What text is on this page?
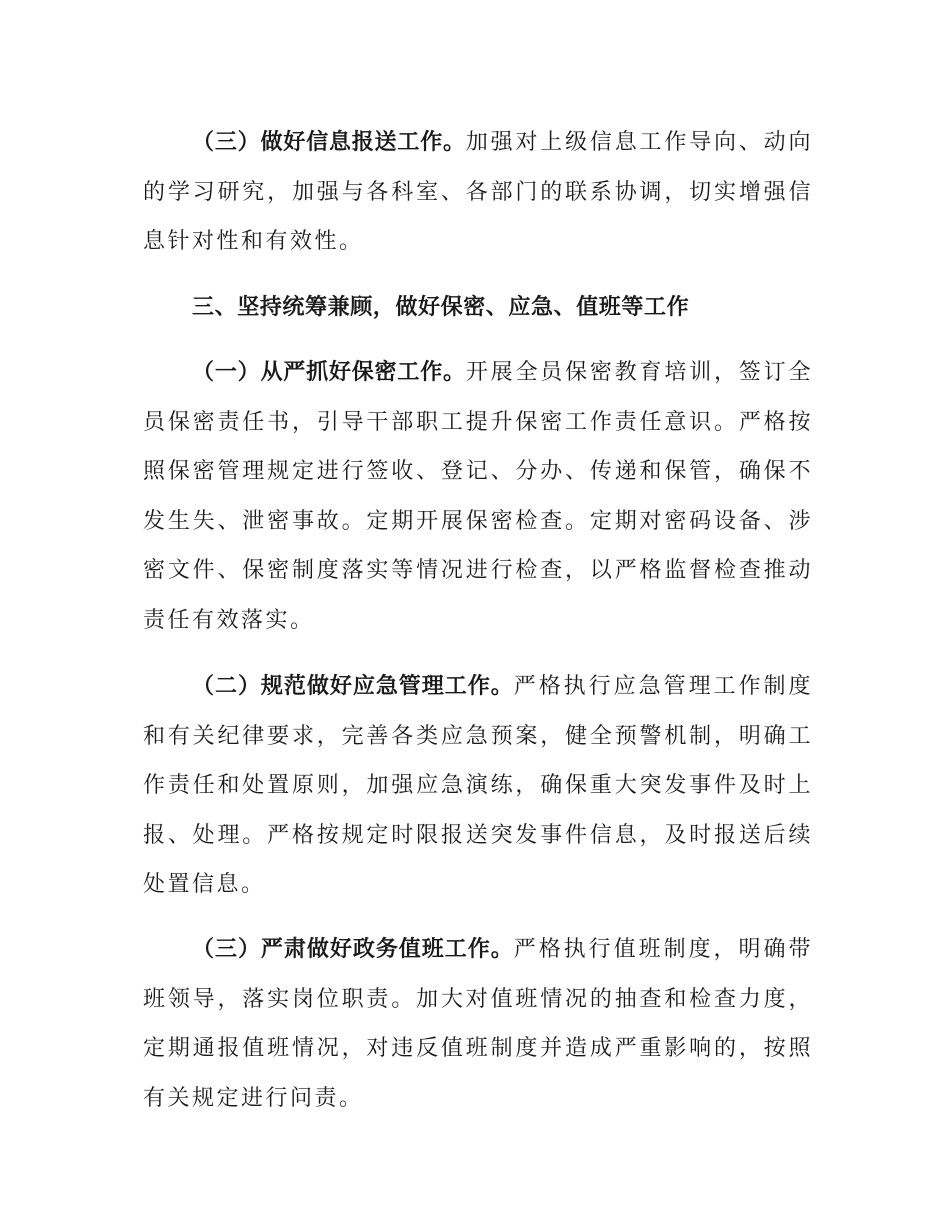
（三）做好信息报送工作。加强对上级信息工作导向、动向的学习研究，加强与各科室、各部门的联系协调，切实增强信息针对性和有效性。

三、坚持统筹兼顾，做好保密、应急、值班等工作

（一）从严抓好保密工作。开展全员保密教育培训，签订全员保密责任书，引导干部职工提升保密工作责任意识。严格按照保密管理规定进行签收、登记、分办、传递和保管，确保不发生失、泄密事故。定期开展保密检查。定期对密码设备、涉密文件、保密制度落实等情况进行检查，以严格监督检查推动责任有效落实。

（二）规范做好应急管理工作。严格执行应急管理工作制度和有关纪律要求，完善各类应急预案，健全预警机制，明确工作责任和处置原则，加强应急演练，确保重大突发事件及时上报、处理。严格按规定时限报送突发事件信息，及时报送后续处置信息。

（三）严肃做好政务值班工作。严格执行值班制度，明确带班领导，落实岗位职责。加大对值班情况的抽查和检查力度，定期通报值班情况，对违反值班制度并造成严重影响的，按照有关规定进行问责。
